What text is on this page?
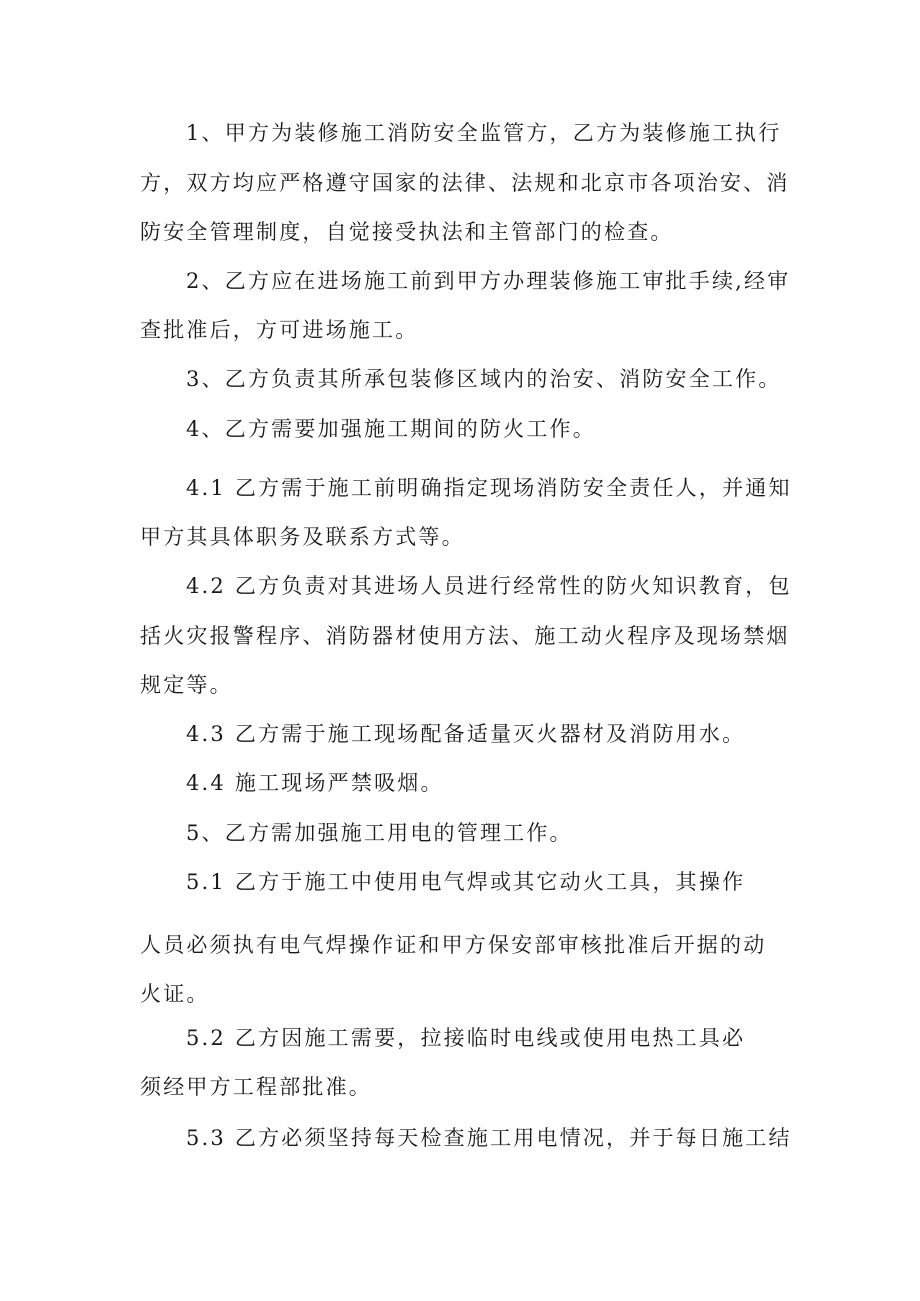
1、甲方为装修施工消防安全监管方，乙方为装修施工执行
方，双方均应严格遵守国家的法律、法规和北京市各项治安、消
防安全管理制度，自觉接受执法和主管部门的检查。
2、乙方应在进场施工前到甲方办理装修施工审批手续,经审
查批准后，方可进场施工。
3、乙方负责其所承包装修区域内的治安、消防安全工作。
4、乙方需要加强施工期间的防火工作。
4.1 乙方需于施工前明确指定现场消防安全责任人，并通知
甲方其具体职务及联系方式等。
4.2 乙方负责对其进场人员进行经常性的防火知识教育，包
括火灾报警程序、消防器材使用方法、施工动火程序及现场禁烟
规定等。
4.3 乙方需于施工现场配备适量灭火器材及消防用水。
4.4 施工现场严禁吸烟。
5、乙方需加强施工用电的管理工作。
5.1 乙方于施工中使用电气焊或其它动火工具，其操作
人员必须执有电气焊操作证和甲方保安部审核批准后开据的动
火证。
5.2 乙方因施工需要，拉接临时电线或使用电热工具必
须经甲方工程部批准。
5.3 乙方必须坚持每天检查施工用电情况，并于每日施工结
